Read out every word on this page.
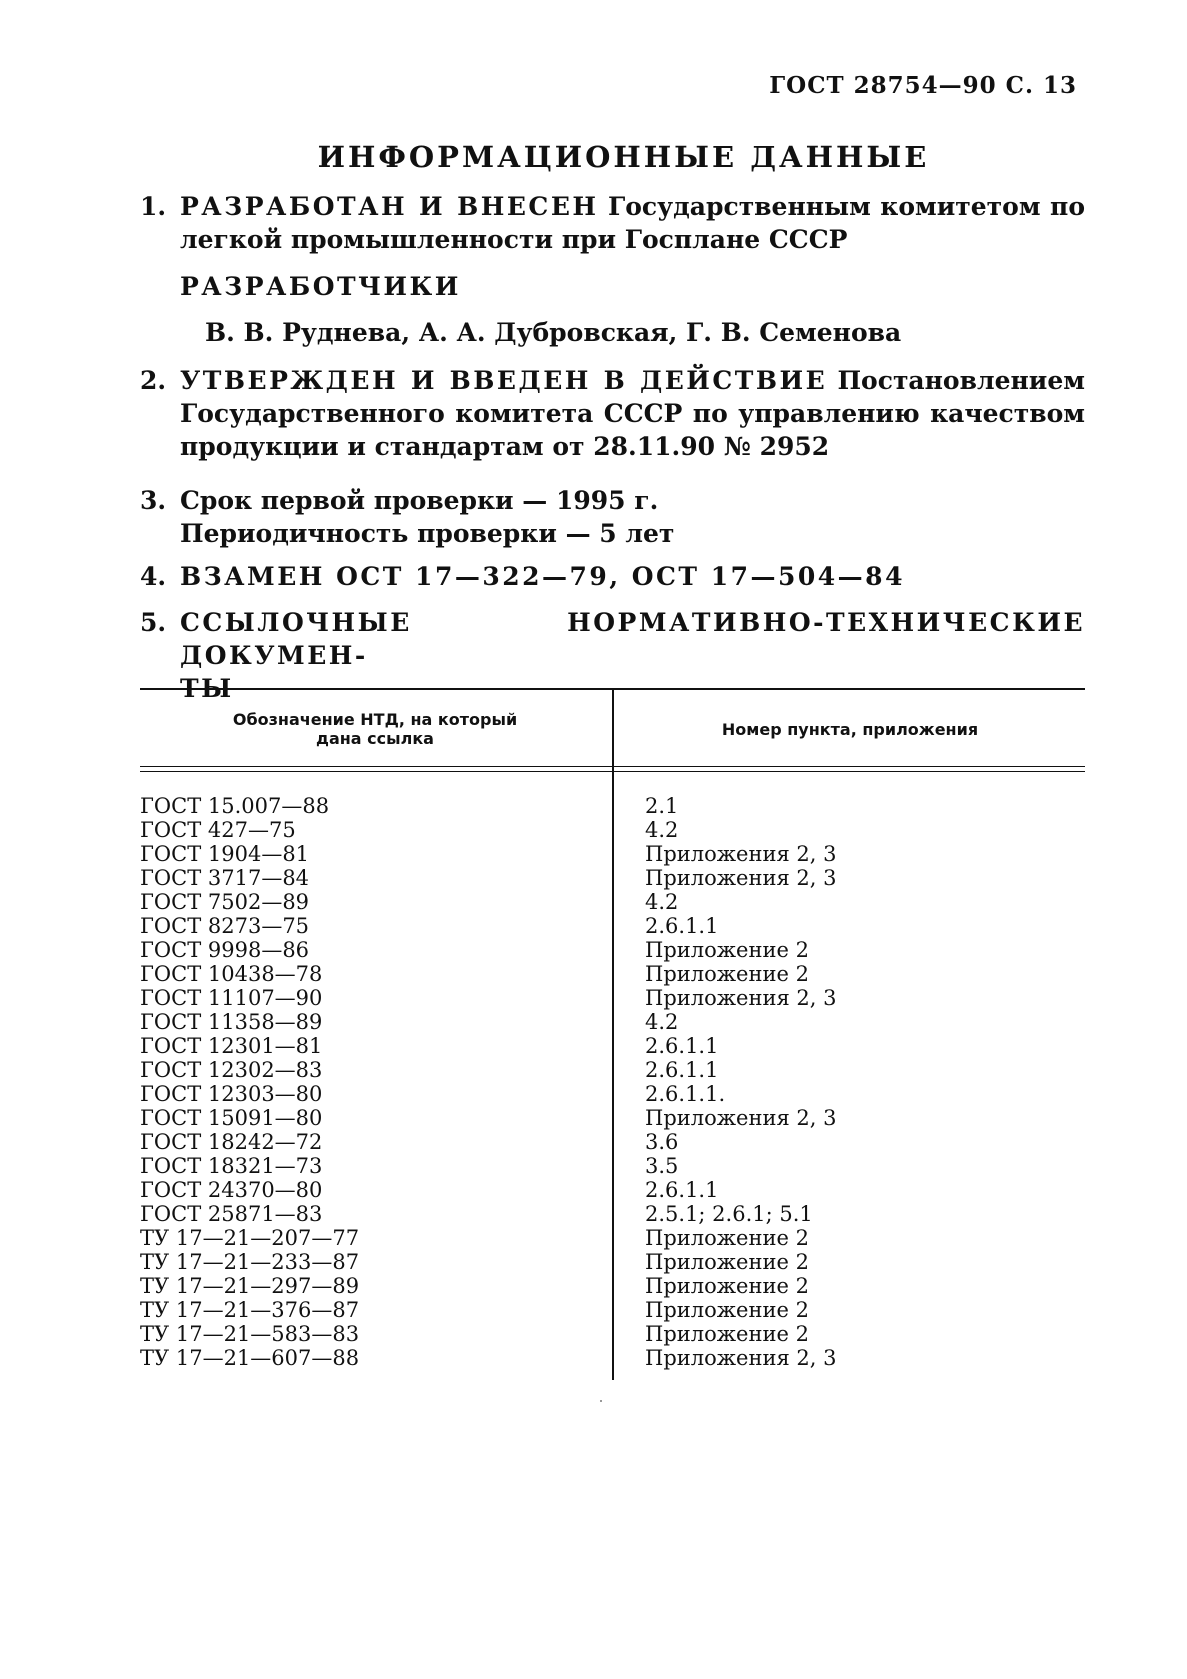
ГОСТ 28754—90 С. 13
ИНФОРМАЦИОННЫЕ ДАННЫЕ
1. РАЗРАБОТАН И ВНЕСЕН Государственным комитетом по
легкой промышленности при Госплане СССР
РАЗРАБОТЧИКИ
В. В. Руднева, А. А. Дубровская, Г. В. Семенова
2. УТВЕРЖДЕН И ВВЕДЕН В ДЕЙСТВИЕ Постановлением
Государственного комитета СССР по управлению качеством
продукции и стандартам от 28.11.90 № 2952
3. Срок первой проверки — 1995 г.
Периодичность проверки — 5 лет
4. ВЗАМЕН ОСТ 17—322—79, ОСТ 17—504—84
5. ССЫЛОЧНЫЕ НОРМАТИВНО-ТЕХНИЧЕСКИЕ ДОКУМЕН-
ТЫ
Обозначение НТД, на который
дана ссылка	Номер пункта, приложения
ГОСТ 15.007—88	2.1
ГОСТ 427—75	4.2
ГОСТ 1904—81	Приложения 2, 3
ГОСТ 3717—84	Приложения 2, 3
ГОСТ 7502—89	4.2
ГОСТ 8273—75	2.6.1.1
ГОСТ 9998—86	Приложение 2
ГОСТ 10438—78	Приложение 2
ГОСТ 11107—90	Приложения 2, 3
ГОСТ 11358—89	4.2
ГОСТ 12301—81	2.6.1.1
ГОСТ 12302—83	2.6.1.1
ГОСТ 12303—80	2.6.1.1.
ГОСТ 15091—80	Приложения 2, 3
ГОСТ 18242—72	3.6
ГОСТ 18321—73	3.5
ГОСТ 24370—80	2.6.1.1
ГОСТ 25871—83	2.5.1; 2.6.1; 5.1
ТУ 17—21—207—77	Приложение 2
ТУ 17—21—233—87	Приложение 2
ТУ 17—21—297—89	Приложение 2
ТУ 17—21—376—87	Приложение 2
ТУ 17—21—583—83	Приложение 2
ТУ 17—21—607—88	Приложения 2, 3
